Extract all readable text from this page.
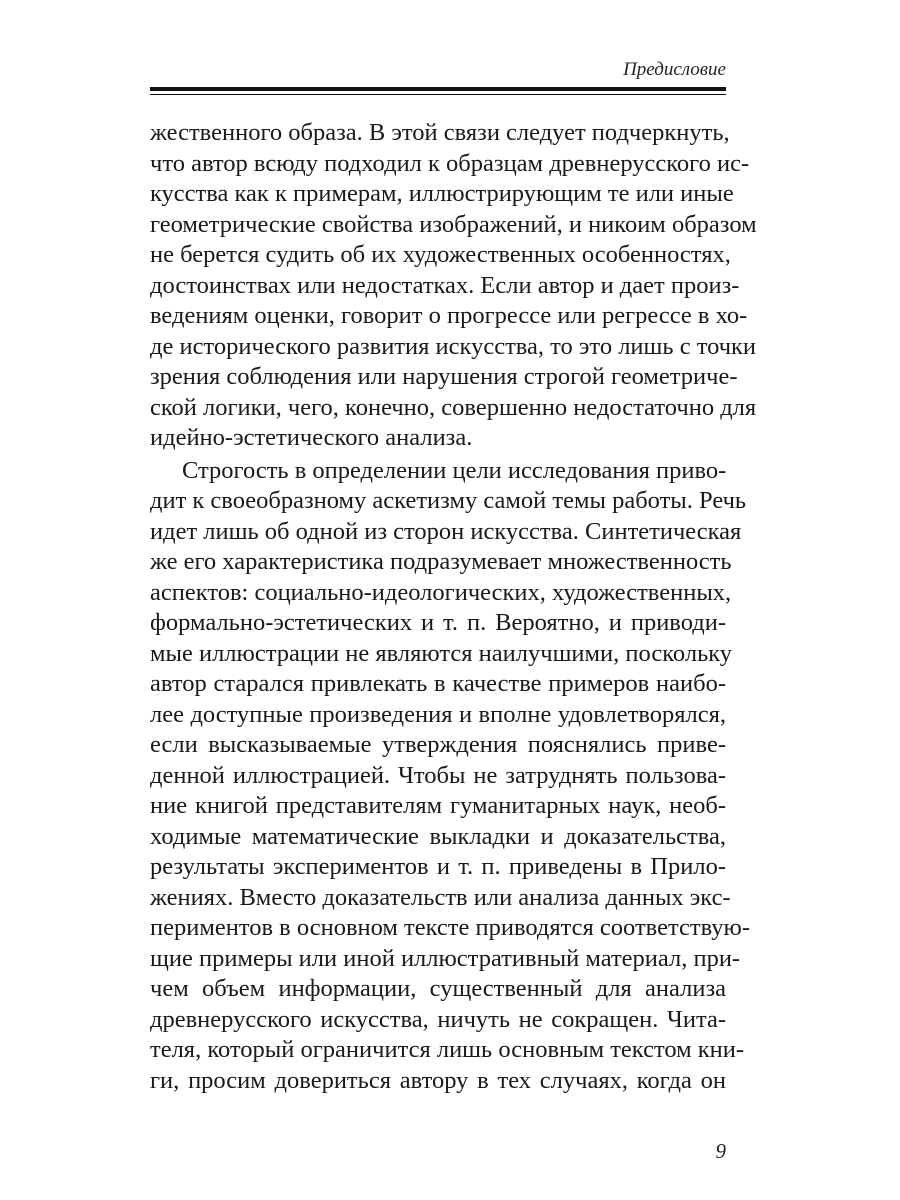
Предисловие
жественного образа. В этой связи следует подчеркнуть,
что автор всюду подходил к образцам древнерусского ис-
кусства как к примерам, иллюстрирующим те или иные
геометрические свойства изображений, и никоим образом
не берется судить об их художественных особенностях,
достоинствах или недостатках. Если автор и дает произ-
ведениям оценки, говорит о прогрессе или регрессе в хо-
де исторического развития искусства, то это лишь с точки
зрения соблюдения или нарушения строгой геометриче-
ской логики, чего, конечно, совершенно недостаточно для
идейно-эстетического анализа.
Строгость в определении цели исследования приво-
дит к своеобразному аскетизму самой темы работы. Речь
идет лишь об одной из сторон искусства. Синтетическая
же его характеристика подразумевает множественность
аспектов: социально-идеологических, художественных,
формально-эстетических и т. п. Вероятно, и приводи-
мые иллюстрации не являются наилучшими, поскольку
автор старался привлекать в качестве примеров наибо-
лее доступные произведения и вполне удовлетворялся,
если высказываемые утверждения пояснялись приве-
денной иллюстрацией. Чтобы не затруднять пользова-
ние книгой представителям гуманитарных наук, необ-
ходимые математические выкладки и доказательства,
результаты экспериментов и т. п. приведены в Прило-
жениях. Вместо доказательств или анализа данных экс-
периментов в основном тексте приводятся соответствую-
щие примеры или иной иллюстративный материал, при-
чем объем информации, существенный для анализа
древнерусского искусства, ничуть не сокращен. Чита-
теля, который ограничится лишь основным текстом кни-
ги, просим довериться автору в тех случаях, когда он
9
